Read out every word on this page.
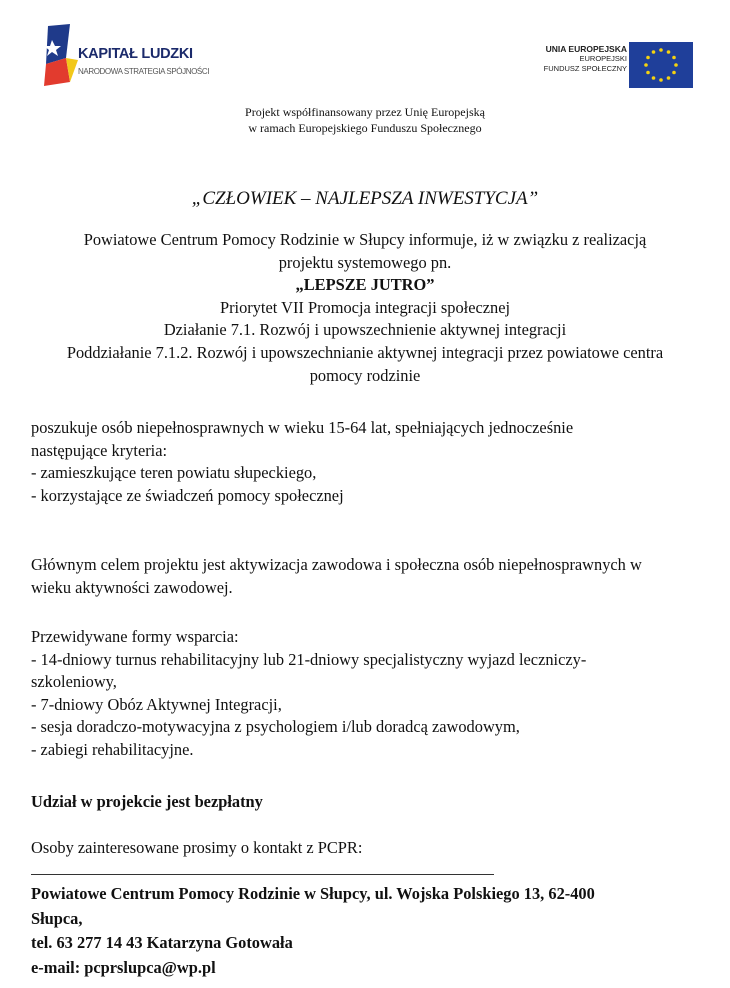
KAPITAŁ LUDZKI
NARODOWA STRATEGIA SPÓJNOŚCI
UNIA EUROPEJSKA
EUROPEJSKI
FUNDUSZ SPOŁECZNY
Projekt współfinansowany przez Unię Europejską
w ramach Europejskiego Funduszu Społecznego
„CZŁOWIEK – NAJLEPSZA INWESTYCJA”
Powiatowe Centrum Pomocy Rodzinie w Słupcy informuje, iż w związku z realizacją
projektu systemowego pn.
„LEPSZE JUTRO”
Priorytet VII Promocja integracji społecznej
Działanie 7.1. Rozwój i upowszechnienie aktywnej integracji
Poddziałanie 7.1.2. Rozwój i upowszechnianie aktywnej integracji przez powiatowe centra
pomocy rodzinie
poszukuje osób niepełnosprawnych w wieku 15-64 lat, spełniających jednocześnie
następujące kryteria:
- zamieszkujące teren powiatu słupeckiego,
- korzystające ze świadczeń pomocy społecznej
Głównym celem projektu jest aktywizacja zawodowa i społeczna osób niepełnosprawnych w
wieku aktywności zawodowej.
Przewidywane formy wsparcia:
- 14-dniowy turnus rehabilitacyjny lub 21-dniowy specjalistyczny wyjazd leczniczy-
szkoleniowy,
- 7-dniowy Obóz Aktywnej Integracji,
- sesja doradczo-motywacyjna z psychologiem i/lub doradcą zawodowym,
- zabiegi rehabilitacyjne.
Udział w projekcie jest bezpłatny
Osoby zainteresowane prosimy o kontakt z PCPR:
Powiatowe Centrum Pomocy Rodzinie w Słupcy, ul. Wojska Polskiego 13, 62-400
Słupca,
tel. 63 277 14 43 Katarzyna Gotowała
e-mail: pcprslupca@wp.pl
